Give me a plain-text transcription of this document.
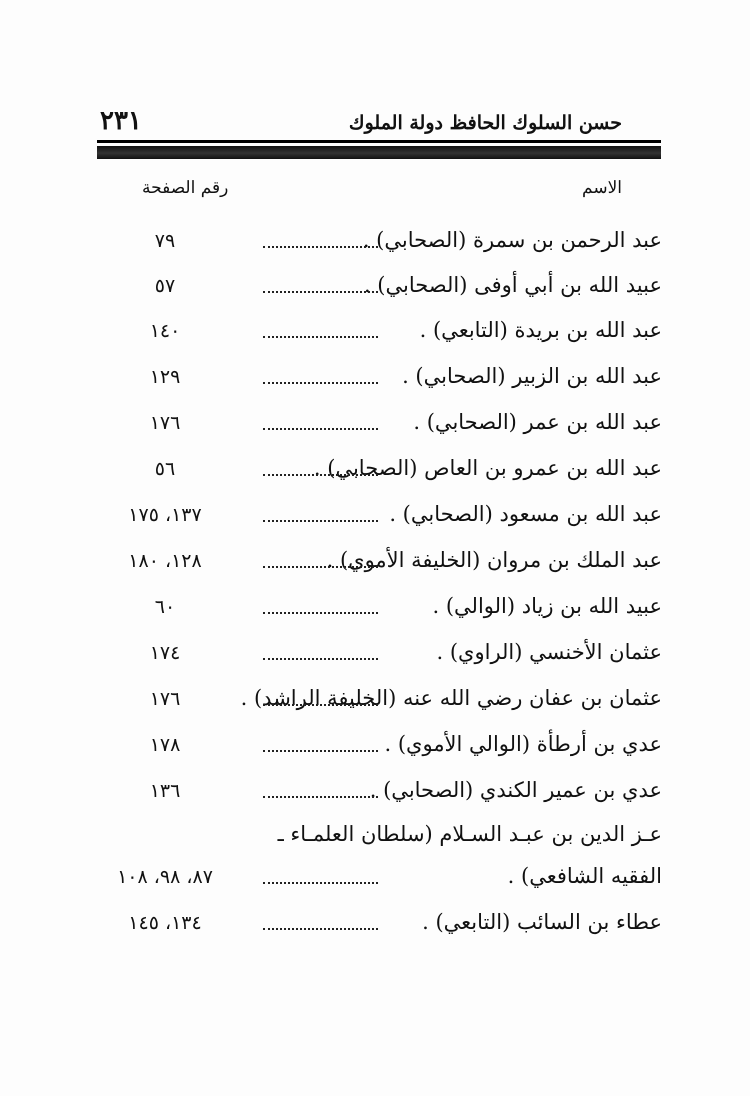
حسن السلوك الحافظ دولة الملوك
٢٣١
الاسم
رقم الصفحة
عبد الرحمن بن سمرة (الصحابي) .
٧٩
عبيد الله بن أبي أوفى (الصحابي) .
٥٧
عبد الله بن بريدة (التابعي) .
١٤٠
عبد الله بن الزبير (الصحابي) .
١٢٩
عبد الله بن عمر (الصحابي) .
١٧٦
عبد الله بن عمرو بن العاص (الصحابي) .
٥٦
عبد الله بن مسعود (الصحابي) .
١٣٧، ١٧٥
عبد الملك بن مروان (الخليفة الأموي) .
١٢٨، ١٨٠
عبيد الله بن زياد (الوالي) .
٦٠
عثمان الأخنسي (الراوي) .
١٧٤
عثمان بن عفان رضي الله عنه (الخليفة الراشد) .
١٧٦
عدي بن أرطأة (الوالي الأموي) .
١٧٨
عدي بن عمير الكندي (الصحابي) .
١٣٦
عـز الدين بن عبـد السـلام (سلطان العلمـاء ـ
الفقيه الشافعي) .
٨٧، ٩٨، ١٠٨
عطاء بن السائب (التابعي) .
١٣٤، ١٤٥
